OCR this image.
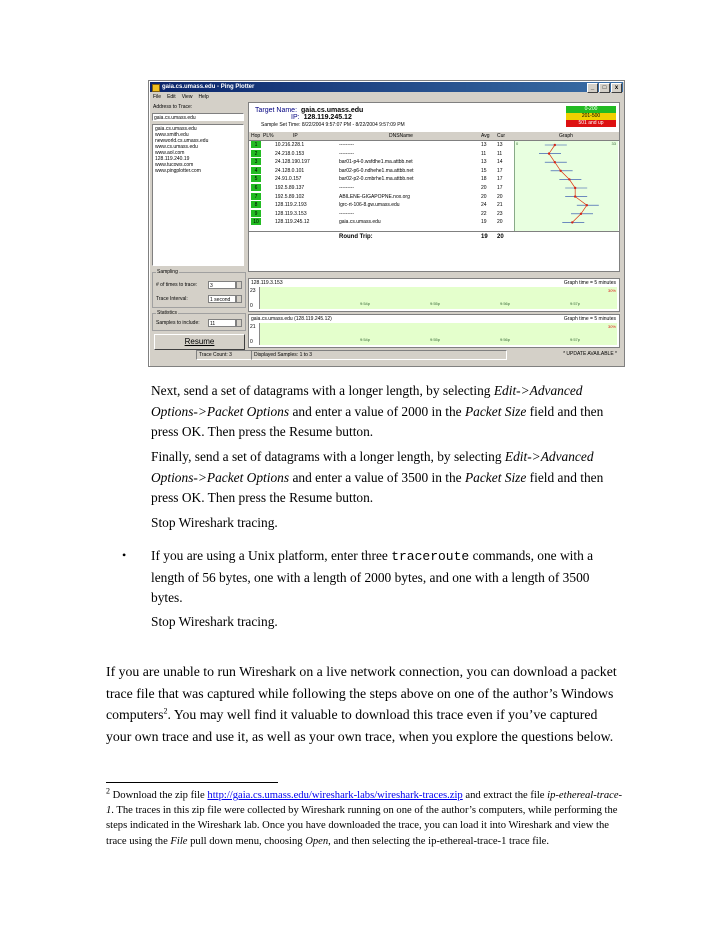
gaia.cs.umass.edu - Ping Plotter	_	□	x
File Edit View Help
Address to Trace:
gaia.cs.umass.edu
gaia.cs.umass.edu
www.smith.edu
newworld.cs.umass.edu
www.cs.umass.edu
www.aol.com
128.119.240.19
www.tucows.com
www.pingplotter.com
Sampling
# of times to trace:	3
Trace Interval:	1 second
Statistics
Samples to include:	11
Resume
Target Name: gaia.cs.umass.edu
IP: 128.119.245.12
Sample Set Time: 8/22/2004 9:57:07 PM - 8/22/2004 9:57:09 PM
0-200
201-500
501 and up
Hop PL%	IP	DNSName	Avg Cur	Graph
1	10.216.228.1	---------	13 13
2	24.218.0.153	---------	11 11
3	24.128.190.197	bar01-p4-0.wsfdhe1.ma.attbb.net	13 14
4	24.128.0.101	bar02-p6-0.ndhehe1.ma.attbb.net	15 17
5	24.91.0.157	bar02-p2-0.cmbrhe1.ma.attbb.net	18 17
6	192.5.89.137	---------	20 17
7	192.5.89.102	ABILENE-GIGAPOPNE.nox.org	20 20
8	128.119.2.193	lgrc-rt-106-8.gw.umass.edu	24 21
9	128.119.3.153	---------	22 23
10	128.119.245.12	gaia.cs.umass.edu	19 20
0	33
Round Trip:	19 20
128.119.3.153	Graph time = 5 minutes
23
0
30%
9:54p	9:55p	9:56p	9:57p
gaia.cs.umass.edu (128.119.245.12)	Graph time = 5 minutes
21
0
30%
9:54p	9:55p	9:56p	9:57p
Trace Count: 3	Displayed Samples: 1 to 3	* UPDATE AVAILABLE *

Next, send a set of datagrams with a longer length, by selecting Edit->Advanced Options->Packet Options and enter a value of 2000 in the Packet Size field and then press OK. Then press the Resume button.

Finally, send a set of datagrams with a longer length, by selecting Edit->Advanced Options->Packet Options and enter a value of 3500 in the Packet Size field and then press OK. Then press the Resume button.

Stop Wireshark tracing.

• If you are using a Unix platform, enter three traceroute commands, one with a length of 56 bytes, one with a length of 2000 bytes, and one with a length of 3500 bytes.

Stop Wireshark tracing.

If you are unable to run Wireshark on a live network connection, you can download a packet trace file that was captured while following the steps above on one of the author’s Windows computers$^2$. You may well find it valuable to download this trace even if you’ve captured your own trace and use it, as well as your own trace, when you explore the questions below.

$^2$ Download the zip file http://gaia.cs.umass.edu/wireshark-labs/wireshark-traces.zip and extract the file ip-ethereal-trace-1. The traces in this zip file were collected by Wireshark running on one of the author’s computers, while performing the steps indicated in the Wireshark lab. Once you have downloaded the trace, you can load it into Wireshark and view the trace using the File pull down menu, choosing Open, and then selecting the ip-ethereal-trace-1 trace file.
